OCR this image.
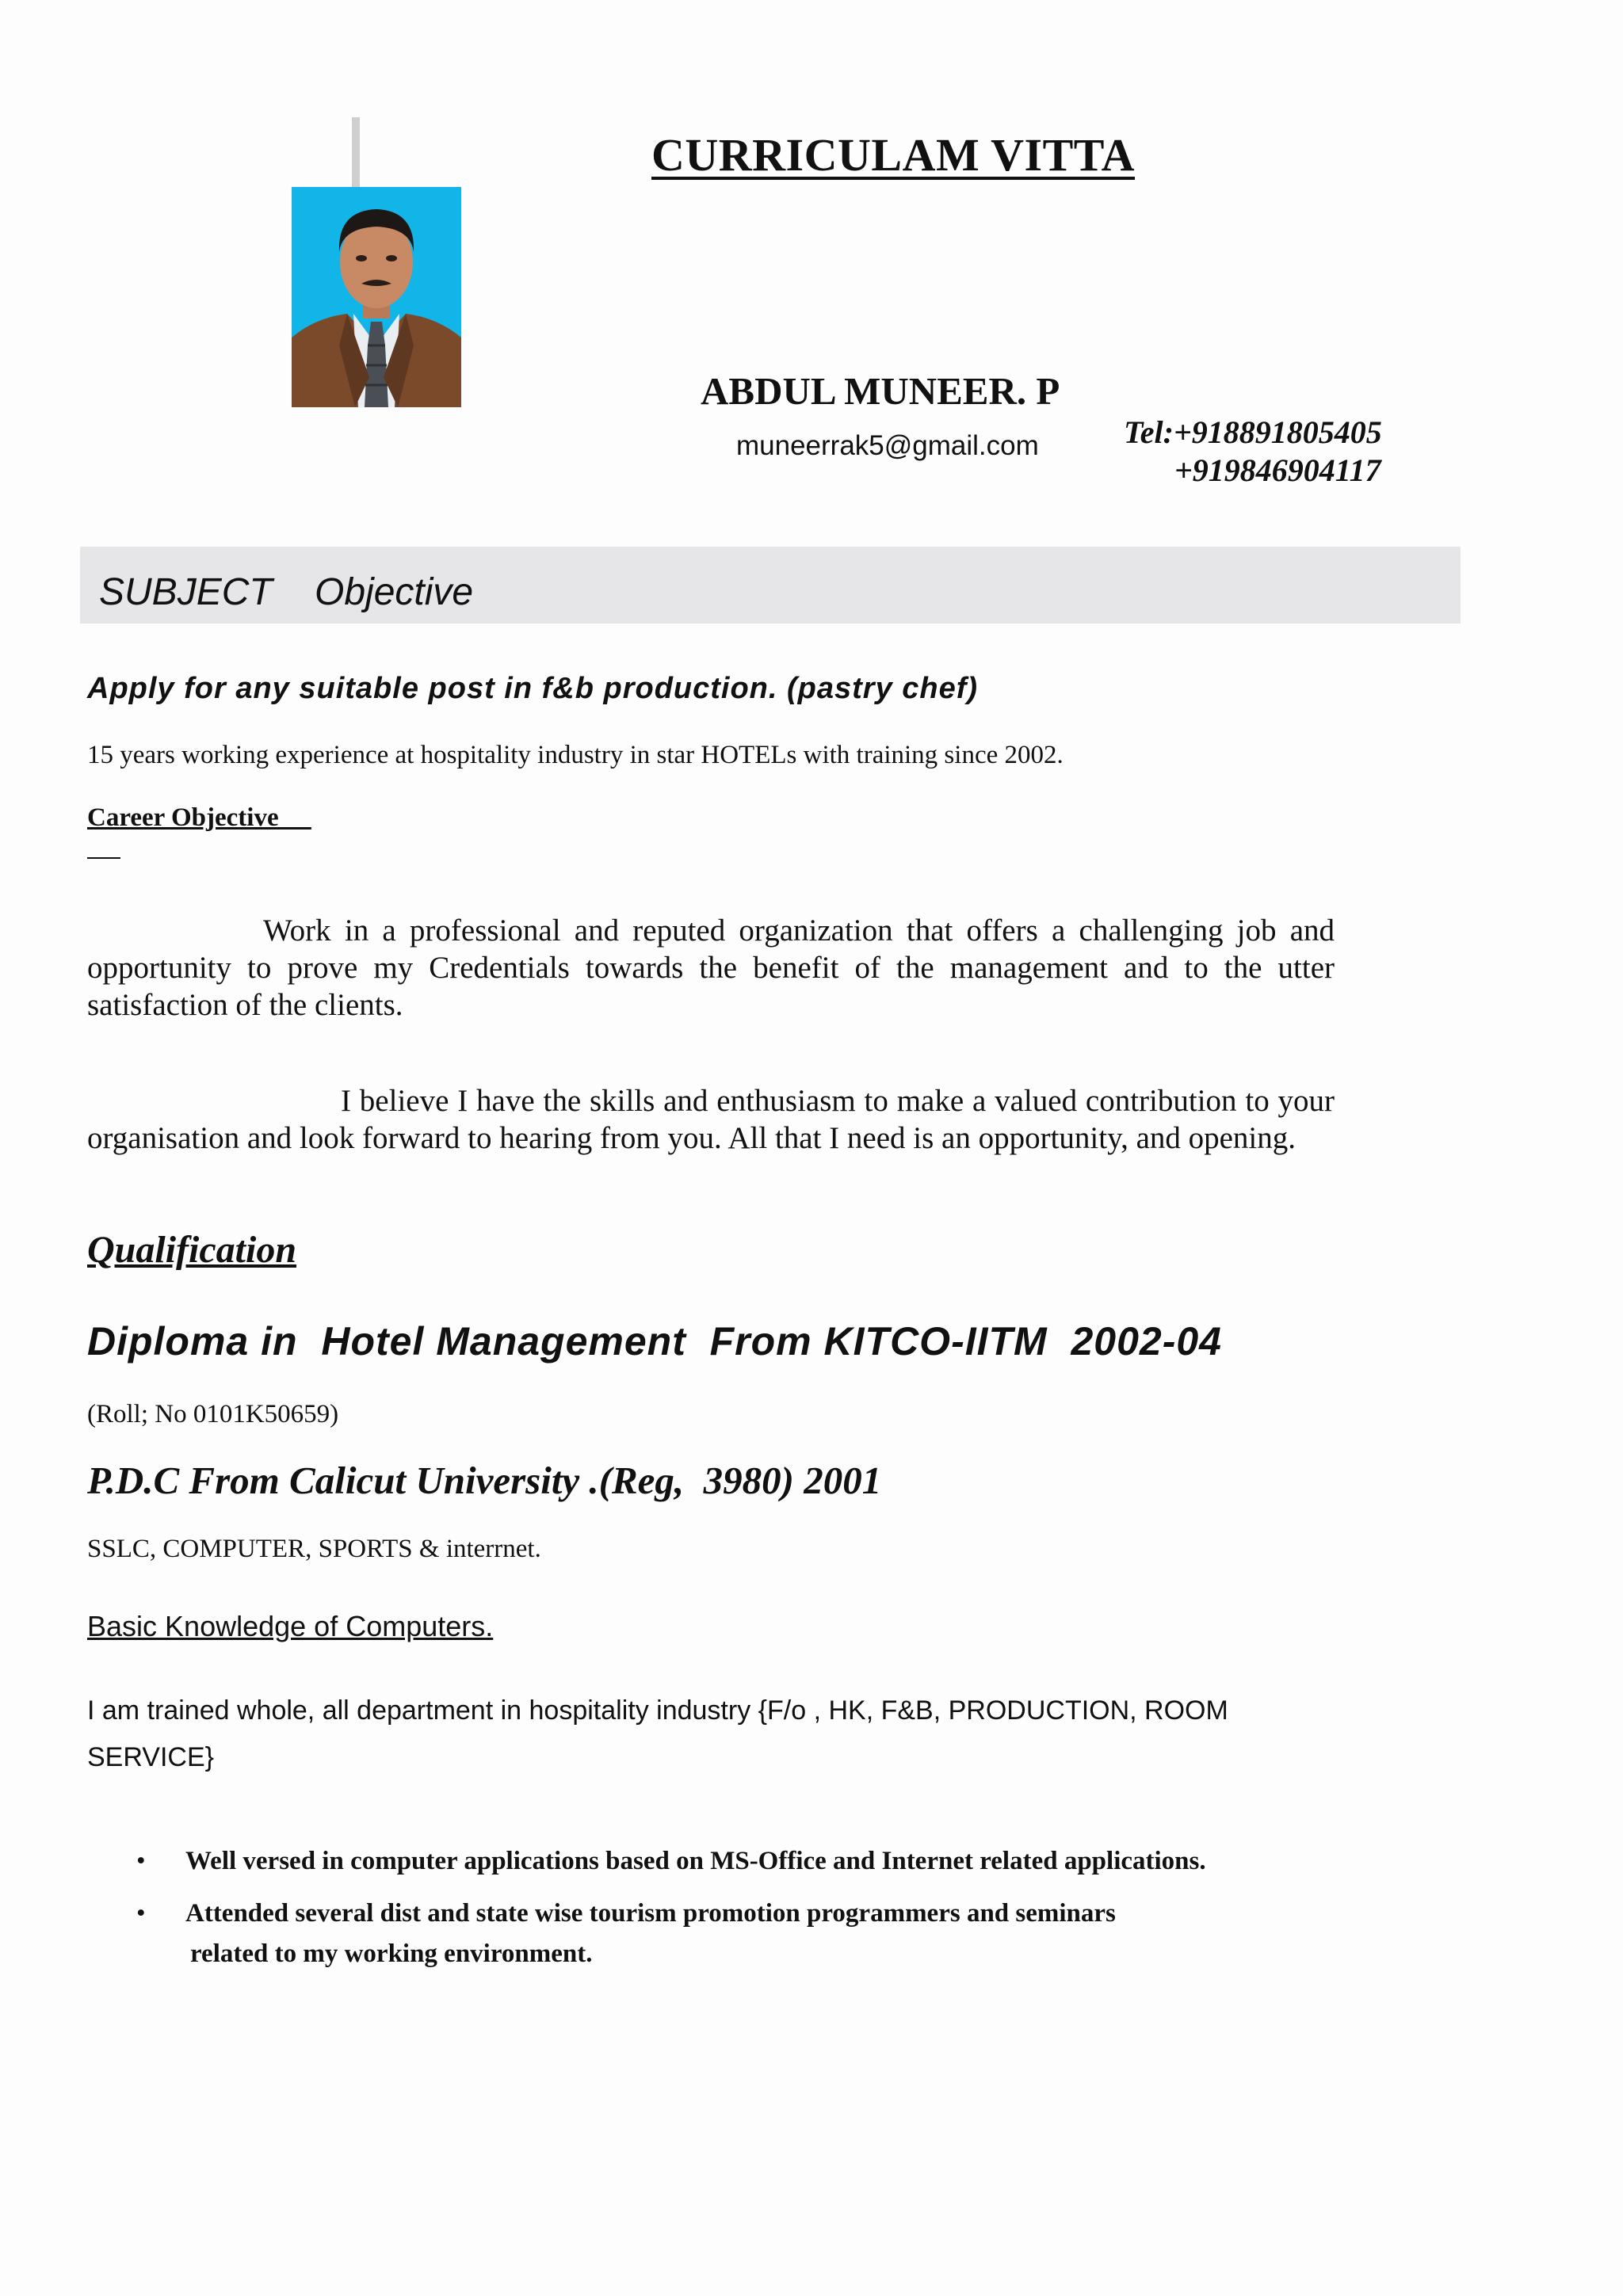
CURRICULAM VITTA
ABDUL MUNEER. P
muneerrak5@gmail.com	Tel:+918891805405
+919846904117
SUBJECT    Objective
Apply for any suitable post in f&b production. (pastry chef)
15 years working experience at hospitality industry in star HOTELs with training since 2002.
Career Objective
Work in a professional and reputed organization that offers a challenging job and opportunity to prove my Credentials towards the benefit of the management and to the utter satisfaction of the clients.
I believe I have the skills and enthusiasm to make a valued contribution to your organisation and look forward to hearing from you. All that I need is an opportunity, and opening.
Qualification
Diploma in  Hotel Management  From KITCO-IITM  2002-04
(Roll; No 0101K50659)
P.D.C From Calicut University .(Reg,  3980) 2001
SSLC, COMPUTER, SPORTS & interrnet.
Basic Knowledge of Computers.
I am trained whole, all department in hospitality industry {F/o , HK, F&B, PRODUCTION, ROOM SERVICE}
• Well versed in computer applications based on MS-Office and Internet related applications.
• Attended several dist and state wise tourism promotion programmers and seminars
related to my working environment.
